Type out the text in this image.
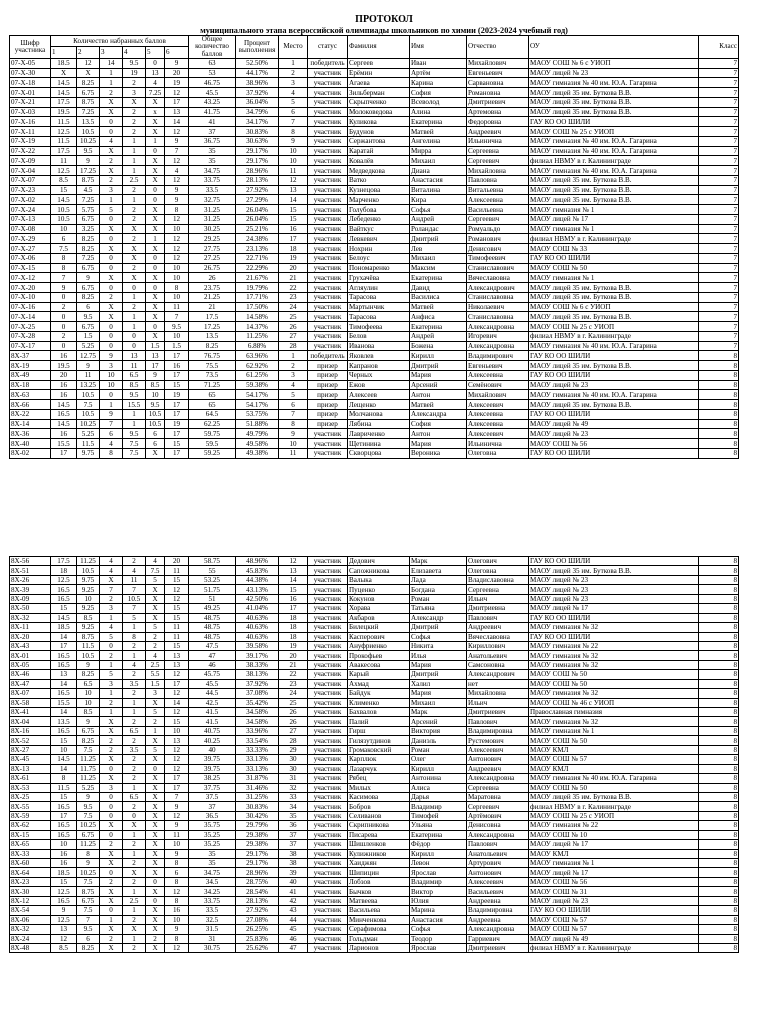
ПРОТОКОЛ
муниципального этапа всероссийской олимпиады школьников по химии (2023-2024 учебный год)
Шифр участника	Количество набранных баллов						Общее количество баллов	Процент выполнения	Место	статус	Фамилия	Имя	Отчество	ОУ	Класс
	1	2	3	4	5	6									
07-X-05	18.5	12	14	9.5	0	9	63	52.50%	1	победитель	Сергеев	Иван	Михайлович	МАОУ СОШ № 6 с УИОП	7
07-X-30	X	X	1	19	13	20	53	44.17%	2	участник	Ерёмин	Артём	Евгеньевич	МАОУ лицей № 23	7
07-X-18	14.5	8.25	1	2	4	19	46.75	38.96%	3	участник	Агаева	Карина	Сарвановна	МАОУ гимназия № 40 им. Ю.А. Гагарина	7
07-X-01	14.5	6.75	2	3	7.25	12	45.5	37.92%	4	участник	Зильберман	София	Романовна	МАОУ лицей 35 им. Буткова В.В.	7
07-X-21	17.5	8.75	X	X	X	17	43.25	36.04%	5	участник	Скрыпченко	Всеволод	Дмитриевич	МАОУ лицей 35 им. Буткова В.В.	7
07-X-03	19.5	7.25	X	2	х	13	41.75	34.79%	6	участник	Молоковедова	Алина	Артемовна	МАОУ лицей 35 им. Буткова В.В.	7
07-X-16	11.5	13.5	0	2	X	14	41	34.17%	7	участник	Куликова	Екатерина	Федоровна	ГАУ КО ОО ШИЛИ	7
07-X-11	12.5	10.5	0	2	X	12	37	30.83%	8	участник	Будунов	Матвей	Андреевич	МАОУ СОШ № 25 с УИОП	7
07-X-19	11.5	10.25	4	1	1	9	36.75	30.63%	9	участник	Сержантова	Ангелина	Ильинична	МАОУ гимназия № 40 им. Ю.А. Гагарина	7
07-X-22	17.5	9.5	X	1	0	7	35	29.17%	10	участник	Каратай	Мирра	Сергеевна	МАОУ гимназия № 40 им. Ю.А. Гагарина	7
07-X-09	11	9	2	1	X	12	35	29.17%	10	участник	Ковалёв	Михаил	Сергеевич	филиал НВМУ в г. Калининграде	7
07-X-04	12.5	17.25	X	1	X	4	34.75	28.96%	11	участник	Медведкова	Диана	Михайловна	МАОУ гимназия № 40 им. Ю.А. Гагарина	7
07-X-07	8.5	8.75	2	2.5	X	12	33.75	28.13%	12	участник	Ватко	Анастасия	Павловна	МАОУ лицей 35 им. Буткова В.В.	7
07-X-23	15	4.5	3	2	0	9	33.5	27.92%	13	участник	Кузнецова	Виталина	Витальевна	МАОУ лицей 35 им. Буткова В.В.	7
07-X-02	14.5	7.25	1	1	0	9	32.75	27.29%	14	участник	Марченко	Кира	Алексеевна	МАОУ лицей 35 им. Буткова В.В.	7
07-X-24	10.5	5.75	5	2	X	8	31.25	26.04%	15	участник	Голубова	Софья	Васильевна	МАОУ гимназия № 1	7
07-X-13	10.5	6.75	0	2	X	12	31.25	26.04%	15	участник	Лебеденко	Андрей	Сергеевич	МАОУ лицей № 17	7
07-X-08	10	3.25	X	X	X	10	30.25	25.21%	16	участник	Вайткус	Роландас	Ромуальдо	МАОУ гимназия № 1	7
07-X-29	6	8.25	0	2	1	12	29.25	24.38%	17	участник	Левкевич	Дмитрий	Романович	филиал НВМУ в г. Калининграде	7
07-X-27	7.5	8.25	X	X	X	12	27.75	23.13%	18	участник	Нохрин	Лев	Денисович	МАОУ СОШ № 33	7
07-X-06	8	7.25	0	X	0	12	27.25	22.71%	19	участник	Белоус	Михаил	Тимофеевич	ГАУ КО ОО ШИЛИ	7
07-X-15	8	6.75	0	2	0	10	26.75	22.29%	20	участник	Пономаренко	Максим	Станиславович	МАОУ СОШ № 50	7
07-X-12	7	9	X	X	X	10	26	21.67%	21	участник	Грухачёва	Екатерина	Вячеславовна	МАОУ гимназия № 1	7
07-X-20	9	6.75	0	0	0	8	23.75	19.79%	22	участник	Агляулин	Давид	Александрович	МАОУ лицей 35 им. Буткова В.В.	7
07-X-10	0	8.25	2	1	X	10	21.25	17.71%	23	участник	Тарасова	Василиса	Станиславовна	МАОУ лицей 35 им. Буткова В.В.	7
07-X-16	2	6	X	2	X	11	21	17.50%	24	участник	Мартынчик	Матвей	Николаевич	МАОУ СОШ № 6 с УИОП	7
07-X-14	0	9.5	X	1	X	7	17.5	14.58%	25	участник	Тарасова	Анфиса	Станиславовна	МАОУ лицей 35 им. Буткова В.В.	7
07-X-25	0	6.75	0	1	0	9.5	17.25	14.37%	26	участник	Тимофеева	Екатерина	Александровна	МАОУ СОШ № 25 с УИОП	7
07-X-28	2	1.5	0	0	X	10	13.5	11.25%	27	участник	Белов	Андрей	Игоревич	филиал НВМУ в г. Калининграде	7
07-X-17	0	5.25	0	0	1.5	1.5	8.25	6.88%	28	участник	Иванова	Божена	Александровна	МАОУ гимназия № 40 им. Ю.А. Гагарина	7
8X-37	16	12.75	9	13	13	17	76.75	63.96%	1	победитель	Яковлев	Кирилл	Владимирович	ГАУ КО ОО ШИЛИ	8
8X-19	19.5	9	3	11	17	16	75.5	62.92%	2	призер	Капранов	Дмитрий	Евгеньевич	МАОУ лицей 35 им. Буткова В.В.	8
8X-49	20	11	10	6.5	9	17	73.5	61.25%	3	призер	Черных	Мария	Алексеевна	ГАУ КО ОО ШИЛИ	8
8X-18	16	13.25	10	8.5	8.5	15	71.25	59.38%	4	призер	Ежов	Арсений	Семёнович	МАОУ лицей № 23	8
8X-63	16	10.5	0	9.5	10	19	65	54.17%	5	призер	Алексеев	Антон	Михайлович	МАОУ гимназия № 40 им. Ю.А. Гагарина	8
8X-66	14.5	7.5	1	15.5	9.5	17	65	54.17%	6	призер	Лещенко	Матвей	Алексеевич	МАОУ лицей 35 им. Буткова В.В.	8
8X-22	16.5	10.5	9	1	10.5	17	64.5	53.75%	7	призер	Молчанова	Александра	Алексеевна	ГАУ КО ОО ШИЛИ	8
8X-14	14.5	10.25	7	1	10.5	19	62.25	51.88%	8	призер	Лябина	София	Алексеевна	МАОУ лицей № 49	8
8X-36	16	5.25	6	9.5	6	17	59.75	49.79%	9	участник	Лавриченко	Антон	Алексеевич	МАОУ лицей № 23	8
8X-40	15.5	11.5	4	7.5	6	15	59.5	49.58%	10	участник	Щетинина	Мария	Ильинична	МАОУ СОШ № 56	8
8X-02	17	9.75	8	7.5	X	17	59.25	49.38%	11	участник	Скворцова	Вероника	Олеговна	ГАУ КО ОО ШИЛИ	8
8X-56	17.5	11.25	4	2	4	20	58.75	48.96%	12	участник	Дедович	Марк	Олегович	ГАУ КО ОО ШИЛИ	8
8X-51	18	10.5	4	4	7.5	11	55	45.83%	13	участник	Сапожникова	Елизавета	Олеговна	МАОУ лицей 35 им. Буткова В.В.	8
8X-26	12.5	9.75	X	11	5	15	53.25	44.38%	14	участник	Валыка	Лада	Владиславовна	МАОУ лицей № 23	8
8X-39	16.5	9.25	7	7	X	12	51.75	43.13%	15	участник	Пуценко	Богдана	Сергеевна	МАОУ лицей № 23	8
8X-09	16.5	10	2	10.5	X	12	51	42.50%	16	участник	Кокунов	Роман	Ильич	МАОУ лицей № 23	8
8X-50	15	9.25	3	7	X	15	49.25	41.04%	17	участник	Хорава	Татьяна	Дмитриевна	МАОУ лицей № 17	8
8X-32	14.5	8.5	1	5	X	15	48.75	40.63%	18	участник	Акбаров	Александр	Павлович	ГАУ КО ОО ШИЛИ	8
8X-11	18.5	9.25	4	1	5	11	48.75	40.63%	18	участник	Билецкий	Дмитрий	Андреевич	МАОУ гимназия № 32	8
8X-20	14	8.75	5	8	2	11	48.75	40.63%	18	участник	Касперович	Софья	Вячеславовна	ГАУ КО ОО ШИЛИ	8
8X-43	17	11.5	0	2	2	15	47.5	39.58%	19	участник	Ануфриенко	Никита	Кириллович	МАОУ гимназия № 22	8
8X-01	16.5	10.5	2	1	4	13	47	39.17%	20	участник	Прокофьев	Илья	Анатольевич	МАОУ гимназия № 32	8
8X-05	16.5	9	1	4	2.5	13	46	38.33%	21	участник	Авакесова	Мария	Самсоновна	МАОУ гимназия № 32	8
8X-46	13	8.25	5	2	5.5	12	45.75	38.13%	22	участник	Карый	Дмитрий	Александрович	МАОУ СОШ № 50	8
8X-47	14	6.5	3	3.5	1.5	17	45.5	37.92%	23	участник	Ахмад	Халил	нет	МАОУ СОШ № 50	8
8X-07	16.5	10	1	2	3	12	44.5	37.08%	24	участник	Байдук	Мария	Михайловна	МАОУ гимназия № 32	8
8X-58	15.5	10	2	1	X	14	42.5	35.42%	25	участник	Клименко	Михаил	Ильич	МАОУ СОШ № 46 с УИОП	8
8X-41	14	8.5	1	1	5	12	41.5	34.58%	26	участник	Бахвалов	Марк	Дмитриевич	Православная гимназия	8
8X-04	13.5	9	X	2	2	15	41.5	34.58%	26	участник	Палий	Арсений	Павлович	МАОУ гимназия № 32	8
8X-16	16.5	6.75	X	6.5	1	10	40.75	33.96%	27	участник	Гирш	Виктория	Владимировна	МАОУ гимназия № 1	8
8X-52	15	8.25	2	2	X	13	40.25	33.54%	28	участник	Гилязутдинов	Даниэль	Рустемович	МАОУ СОШ № 50	8
8X-27	10	7.5	2	3.5	5	12	40	33.33%	29	участник	Громаковский	Роман	Алексеевич	МАОУ КМЛ	8
8X-45	14.5	11.25	X	2	X	12	39.75	33.13%	30	участник	Карплюк	Олег	Антонович	МАОУ СОШ № 57	8
8X-13	14	11.75	0	2	0	12	39.75	33.13%	30	участник	Лазарчук	Кирилл	Андреевич	МАОУ КМЛ	8
8X-61	8	11.25	X	2	X	17	38.25	31.87%	31	участник	Рябец	Антонина	Александровна	МАОУ гимназия № 40 им. Ю.А. Гагарина	8
8X-53	11.5	5.25	3	1	X	17	37.75	31.46%	32	участник	Милых	Алиса	Сергеевна	МАОУ СОШ № 50	8
8X-25	15	9	0	6.5	X	7	37.5	31.25%	33	участник	Касимова	Дарья	Маратовна	МАОУ лицей 35 им. Буткова В.В.	8
8X-55	16.5	9.5	0	2	X	9	37	30.83%	34	участник	Бобров	Владимир	Сергеевич	филиал НВМУ в г. Калининграде	8
8X-59	17	7.5	0	0	X	12	36.5	30.42%	35	участник	Селиванов	Тимофей	Артёмович	МАОУ СОШ № 25 с УИОП	8
8X-62	16.5	10.25	X	X	X	9	35.75	29.79%	36	участник	Скрипникова	Ульяна	Денисовна	МАОУ гимназия № 22	8
8X-15	16.5	6.75	0	1	X	11	35.25	29.38%	37	участник	Писарева	Екатерина	Александровна	МАОУ СОШ № 10	8
8X-65	10	11.25	2	2	X	10	35.25	29.38%	37	участник	Шишленков	Фёдор	Павлович	МАОУ лицей № 17	8
8X-33	16	8	X	1	X	9	35	29.17%	38	участник	Кулижников	Кирилл	Анатольевич	МАОУ КМЛ	8
8X-60	16	9	X	2	X	8	35	29.17%	38	участник	Хаиджян	Левон	Артурович	МАОУ гимназия № 1	8
8X-64	18.5	10.25	0	X	X	6	34.75	28.96%	39	участник	Шипицин	Ярослав	Антонович	МАОУ лицей № 17	8
8X-23	15	7.5	2	2	0	8	34.5	28.75%	40	участник	Лобзов	Владимир	Алексеевич	МАОУ СОШ № 56	8
8X-30	12.5	8.75	X	1	X	12	34.25	28.54%	41	участник	Бычков	Виктор	Васильевич	МАОУ СОШ № 31	8
8X-12	16.5	6.75	X	2.5	0	8	33.75	28.13%	42	участник	Матвеева	Юлия	Андреевна	МАОУ лицей № 23	8
8X-54	9	7.5	0	1	X	16	33.5	27.92%	43	участник	Васильева	Марина	Владимировна	ГАУ КО ОО ШИЛИ	8
8X-06	12.5	7	1	2	X	10	32.5	27.08%	44	участник	Минченкова	Анастасия	Андреевна	МАОУ СОШ № 57	8
8X-32	13	9.5	X	X	X	9	31.5	26.25%	45	участник	Серафимова	Софья	Александровна	МАОУ СОШ № 57	8
8X-24	12	6	2	1	2	8	31	25.83%	46	участник	Гольдман	Теодор	Гарриевич	МАОУ лицей № 49	8
8X-48	8.5	8.25	X	2	X	12	30.75	25.62%	47	участник	Ларионов	Ярослав	Дмитриевич	филиал НВМУ в г. Калининграде	8
